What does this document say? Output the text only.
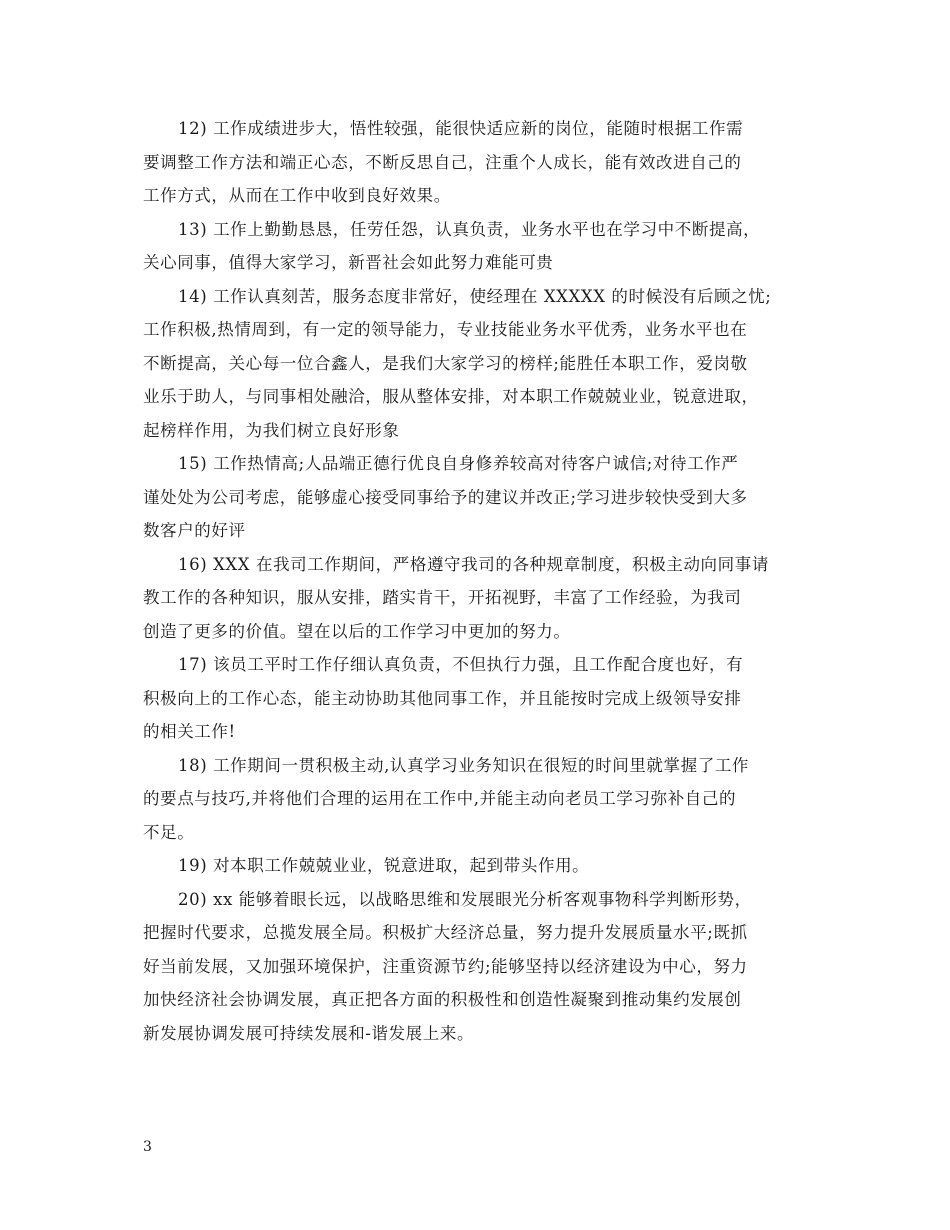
12) 工作成绩进步大，悟性较强，能很快适应新的岗位，能随时根据工作需
要调整工作方法和端正心态，不断反思自己，注重个人成长，能有效改进自己的
工作方式，从而在工作中收到良好效果。
13) 工作上勤勤恳恳，任劳任怨，认真负责，业务水平也在学习中不断提高，
关心同事，值得大家学习，新晋社会如此努力难能可贵
14) 工作认真刻苦，服务态度非常好，使经理在 XXXXX 的时候没有后顾之忧;
工作积极,热情周到，有一定的领导能力，专业技能业务水平优秀，业务水平也在
不断提高，关心每一位合鑫人，是我们大家学习的榜样;能胜任本职工作，爱岗敬
业乐于助人，与同事相处融洽，服从整体安排，对本职工作兢兢业业，锐意进取，
起榜样作用，为我们树立良好形象
15) 工作热情高;人品端正德行优良自身修养较高对待客户诚信;对待工作严
谨处处为公司考虑，能够虚心接受同事给予的建议并改正;学习进步较快受到大多
数客户的好评
16) XXX 在我司工作期间，严格遵守我司的各种规章制度，积极主动向同事请
教工作的各种知识，服从安排，踏实肯干，开拓视野，丰富了工作经验，为我司
创造了更多的价值。望在以后的工作学习中更加的努力。
17) 该员工平时工作仔细认真负责，不但执行力强，且工作配合度也好，有
积极向上的工作心态，能主动协助其他同事工作，并且能按时完成上级领导安排
的相关工作!
18) 工作期间一贯积极主动,认真学习业务知识在很短的时间里就掌握了工作
的要点与技巧,并将他们合理的运用在工作中,并能主动向老员工学习弥补自己的
不足。
19) 对本职工作兢兢业业，锐意进取，起到带头作用。
20) xx 能够着眼长远，以战略思维和发展眼光分析客观事物科学判断形势，
把握时代要求，总揽发展全局。积极扩大经济总量，努力提升发展质量水平;既抓
好当前发展，又加强环境保护，注重资源节约;能够坚持以经济建设为中心，努力
加快经济社会协调发展，真正把各方面的积极性和创造性凝聚到推动集约发展创
新发展协调发展可持续发展和-谐发展上来。
3
